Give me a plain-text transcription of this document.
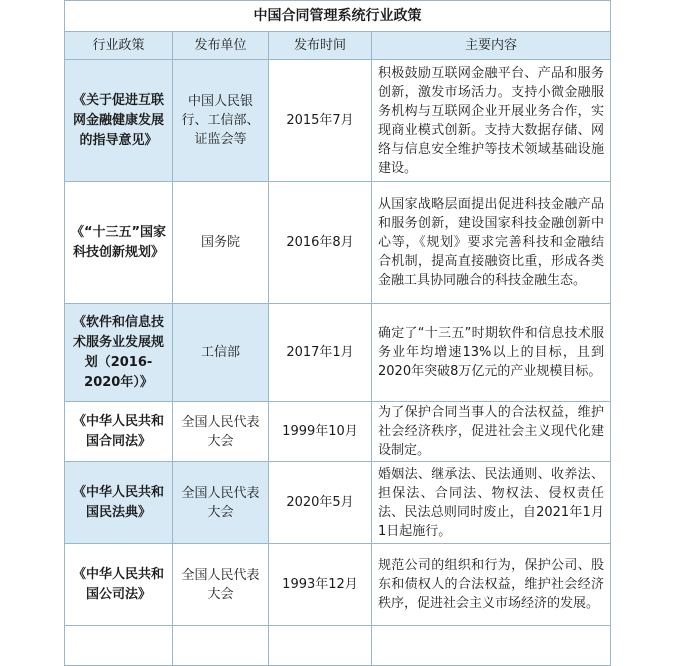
中国合同管理系统行业政策			
行业政策	发布单位	发布时间	主要内容
《关于促进互联网金融健康发展的指导意见》	中国人民银行、工信部、证监会等	2015年7月	积极鼓励互联网金融平台、产品和服务创新，激发市场活力。支持小微金融服务机构与互联网企业开展业务合作，实现商业模式创新。支持大数据存储、网络与信息安全维护等技术领域基础设施建设。
《“十三五”国家科技创新规划》	国务院	2016年8月	从国家战略层面提出促进科技金融产品和服务创新，建设国家科技金融创新中心等，《规划》要求完善科技和金融结合机制，提高直接融资比重，形成各类金融工具协同融合的科技金融生态。
《软件和信息技术服务业发展规划（2016-2020年）》	工信部	2017年1月	确定了“十三五”时期软件和信息技术服务业年均增速13%以上的目标，且到2020年突破8万亿元的产业规模目标。
《中华人民共和国合同法》	全国人民代表大会	1999年10月	为了保护合同当事人的合法权益，维护社会经济秩序，促进社会主义现代化建设制定。
《中华人民共和国民法典》	全国人民代表大会	2020年5月	婚姻法、继承法、民法通则、收养法、担保法、合同法、物权法、侵权责任法、民法总则同时废止，自2021年1月1日起施行。
《中华人民共和国公司法》	全国人民代表大会	1993年12月	规范公司的组织和行为，保护公司、股东和债权人的合法权益，维护社会经济秩序，促进社会主义市场经济的发展。
